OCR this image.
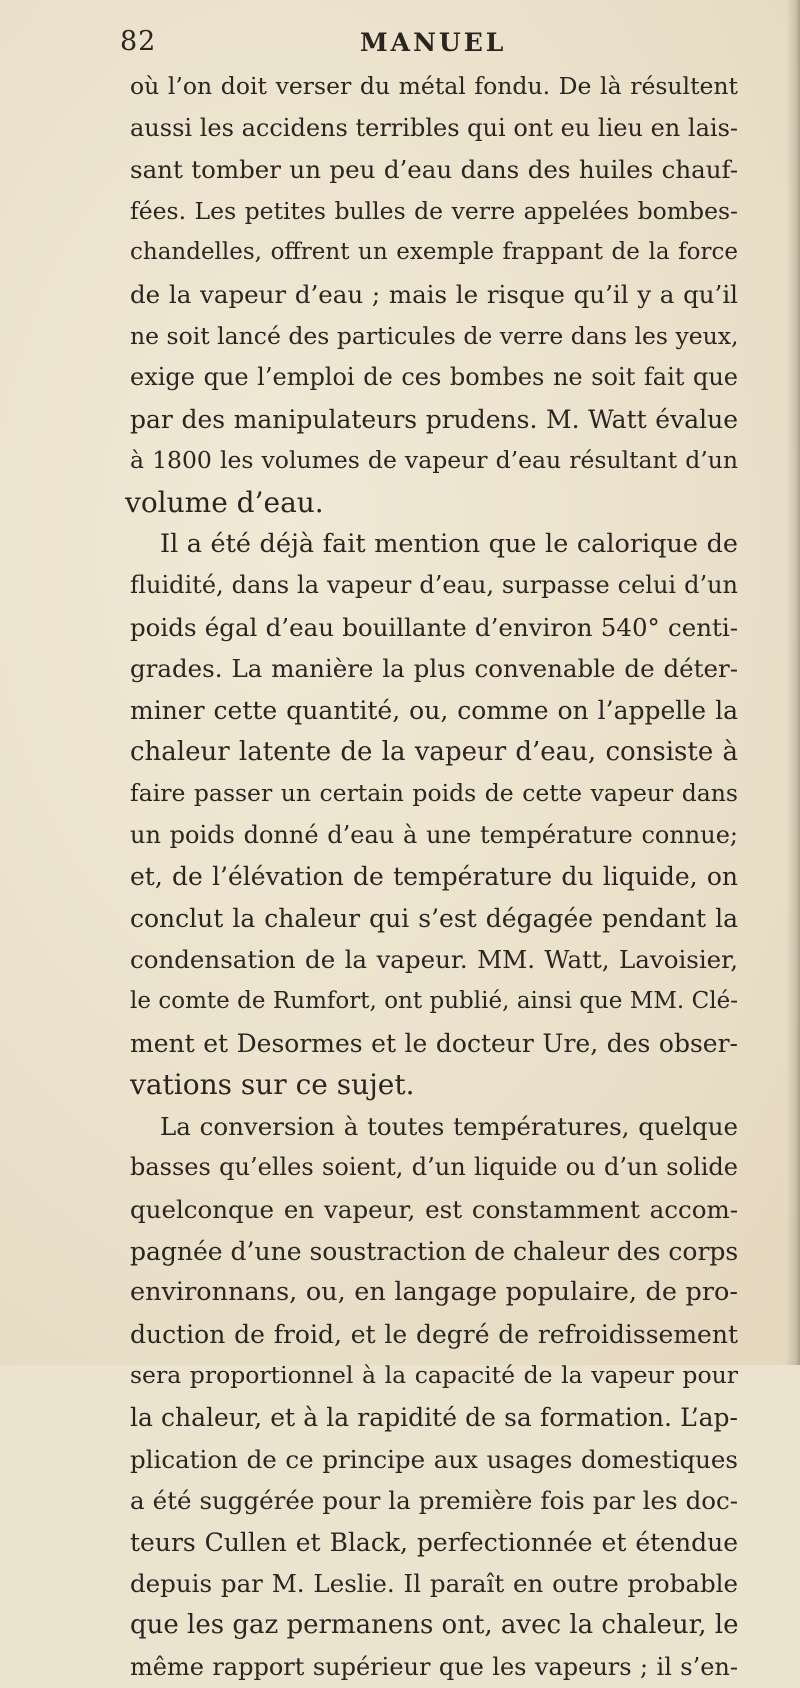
82	MANUEL
où l’on doit verser du métal fondu. De là résultent
aussi les accidens terribles qui ont eu lieu en lais-
sant tomber un peu d’eau dans des huiles chauf-
fées. Les petites bulles de verre appelées bombes-
chandelles, offrent un exemple frappant de la force
de la vapeur d’eau ; mais le risque qu’il y a qu’il
ne soit lancé des particules de verre dans les yeux,
exige que l’emploi de ces bombes ne soit fait que
par des manipulateurs prudens. M. Watt évalue
à 1800 les volumes de vapeur d’eau résultant d’un
volume d’eau.
Il a été déjà fait mention que le calorique de
fluidité, dans la vapeur d’eau, surpasse celui d’un
poids égal d’eau bouillante d’environ 540° centi-
grades. La manière la plus convenable de déter-
miner cette quantité, ou, comme on l’appelle la
chaleur latente de la vapeur d’eau, consiste à
faire passer un certain poids de cette vapeur dans
un poids donné d’eau à une température connue;
et, de l’élévation de température du liquide, on
conclut la chaleur qui s’est dégagée pendant la
condensation de la vapeur. MM. Watt, Lavoisier,
le comte de Rumfort, ont publié, ainsi que MM. Clé-
ment et Desormes et le docteur Ure, des obser-
vations sur ce sujet.
La conversion à toutes températures, quelque
basses qu’elles soient, d’un liquide ou d’un solide
quelconque en vapeur, est constamment accom-
pagnée d’une soustraction de chaleur des corps
environnans, ou, en langage populaire, de pro-
duction de froid, et le degré de refroidissement
sera proportionnel à la capacité de la vapeur pour
la chaleur, et à la rapidité de sa formation. L’ap-
plication de ce principe aux usages domestiques
a été suggérée pour la première fois par les doc-
teurs Cullen et Black, perfectionnée et étendue
depuis par M. Leslie. Il paraît en outre probable
que les gaz permanens ont, avec la chaleur, le
même rapport supérieur que les vapeurs ; il s’en-
